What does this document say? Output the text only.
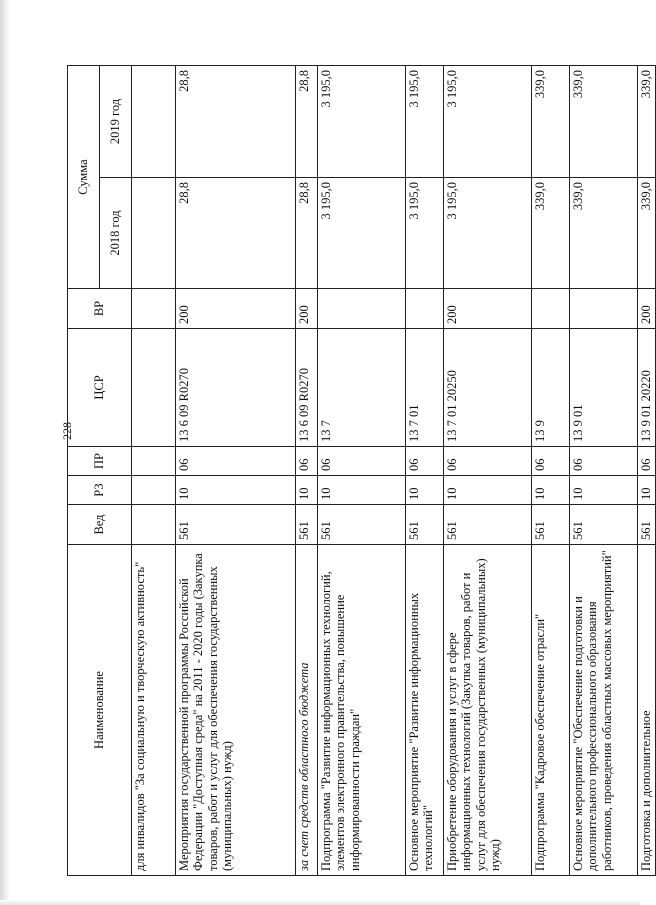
228
Наименование	Вед	РЗ	ПР	ЦСР	ВР	Сумма	
						2018 год	2019 год
для инвалидов "За социальную и творческую активность"							
Мероприятия государственной программы Российской Федерации "Доступная среда" на 2011 - 2020 годы (Закупка товаров, работ и услуг для обеспечения государственных (муниципальных) нужд)	561	10	06	13 6 09 R0270	200	28,8	28,8
за счет средств областного бюджета	561	10	06	13 6 09 R0270	200	28,8	28,8
Подпрограмма "Развитие информационных технологий, элементов электронного правительства, повышение информированности граждан"	561	10	06	13 7		3 195,0	3 195,0
Основное мероприятие "Развитие информационных технологий"	561	10	06	13 7 01		3 195,0	3 195,0
Приобретение оборудования и услуг в сфере информационных технологий (Закупка товаров, работ и услуг для обеспечения государственных (муниципальных) нужд)	561	10	06	13 7 01 20250	200	3 195,0	3 195,0
Подпрограмма "Кадровое обеспечение отрасли"	561	10	06	13 9		339,0	339,0
Основное мероприятие "Обеспечение подготовки и дополнительного профессионального образования работников, проведения областных массовых мероприятий"	561	10	06	13 9 01		339,0	339,0
Подготовка и дополнительное	561	10	06	13 9 01 20220	200	339,0	339,0
